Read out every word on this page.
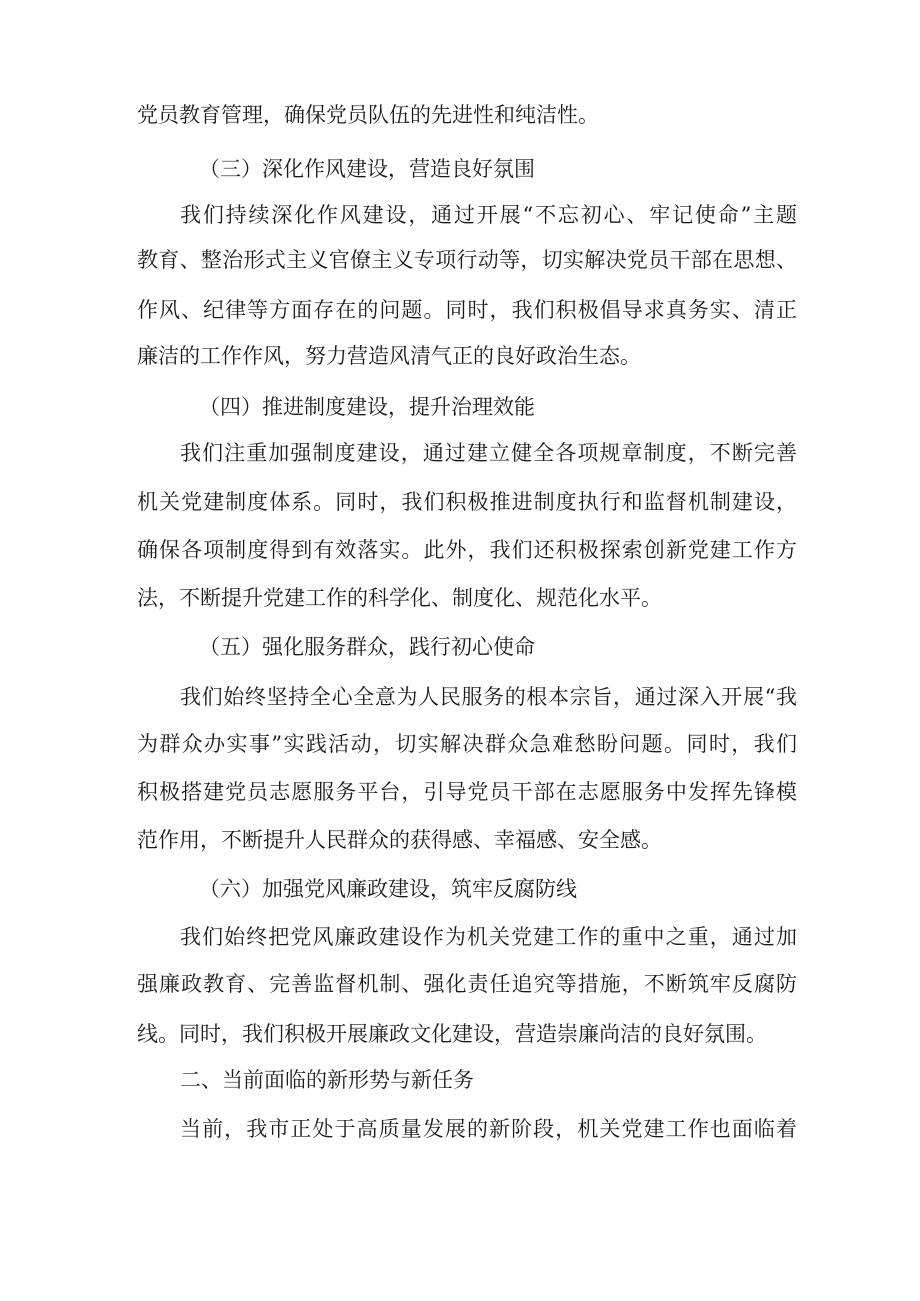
党员教育管理，确保党员队伍的先进性和纯洁性。

（三）深化作风建设，营造良好氛围

我们持续深化作风建设，通过开展“不忘初心、牢记使命”主题

教育、整治形式主义官僚主义专项行动等，切实解决党员干部在思想、

作风、纪律等方面存在的问题。同时，我们积极倡导求真务实、清正

廉洁的工作作风，努力营造风清气正的良好政治生态。

（四）推进制度建设，提升治理效能

我们注重加强制度建设，通过建立健全各项规章制度，不断完善

机关党建制度体系。同时，我们积极推进制度执行和监督机制建设，

确保各项制度得到有效落实。此外，我们还积极探索创新党建工作方

法，不断提升党建工作的科学化、制度化、规范化水平。

（五）强化服务群众，践行初心使命

我们始终坚持全心全意为人民服务的根本宗旨，通过深入开展“我

为群众办实事”实践活动，切实解决群众急难愁盼问题。同时，我们

积极搭建党员志愿服务平台，引导党员干部在志愿服务中发挥先锋模

范作用，不断提升人民群众的获得感、幸福感、安全感。

（六）加强党风廉政建设，筑牢反腐防线

我们始终把党风廉政建设作为机关党建工作的重中之重，通过加

强廉政教育、完善监督机制、强化责任追究等措施，不断筑牢反腐防

线。同时，我们积极开展廉政文化建设，营造崇廉尚洁的良好氛围。

二、当前面临的新形势与新任务

当前，我市正处于高质量发展的新阶段，机关党建工作也面临着
